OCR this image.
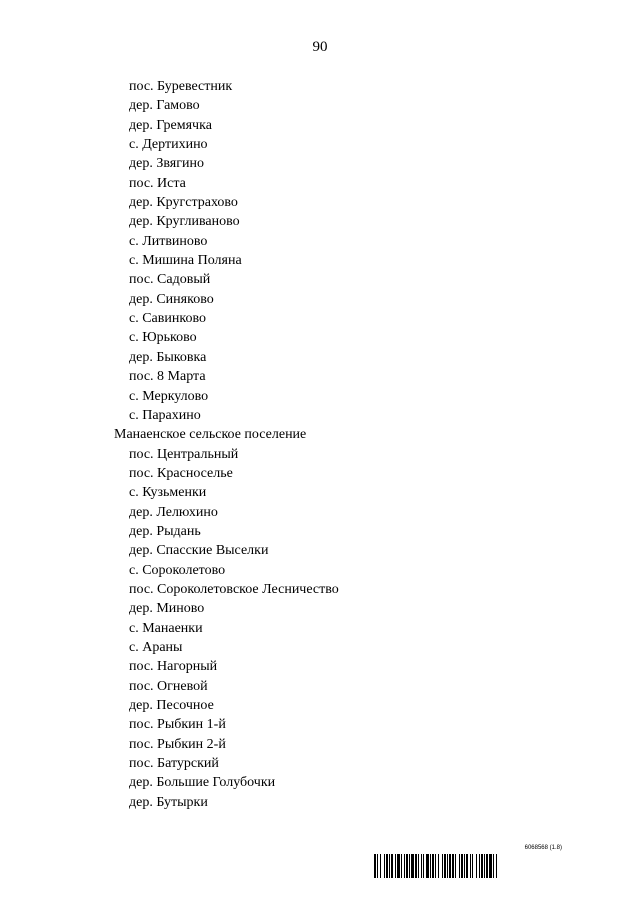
90
пос. Буревестник
дер. Гамово
дер. Гремячка
с. Дертихино
дер. Звягино
пос. Иста
дер. Кругстрахово
дер. Кругливаново
с. Литвиново
с. Мишина Поляна
пос. Садовый
дер. Синяково
с. Савинково
с. Юрьково
дер. Быковка
пос. 8 Марта
с. Меркулово
с. Парахино
Манаенское сельское поселение
пос. Центральный
пос. Красноселье
с. Кузьменки
дер. Лелюхино
дер. Рыдань
дер. Спасские Выселки
с. Сороколетово
пос. Сороколетовское Лесничество
дер. Миново
с. Манаенки
с. Араны
пос. Нагорный
пос. Огневой
дер. Песочное
пос. Рыбкин 1-й
пос. Рыбкин 2-й
пос. Батурский
дер. Большие Голубочки
дер. Бутырки
6068568 (1.8)
